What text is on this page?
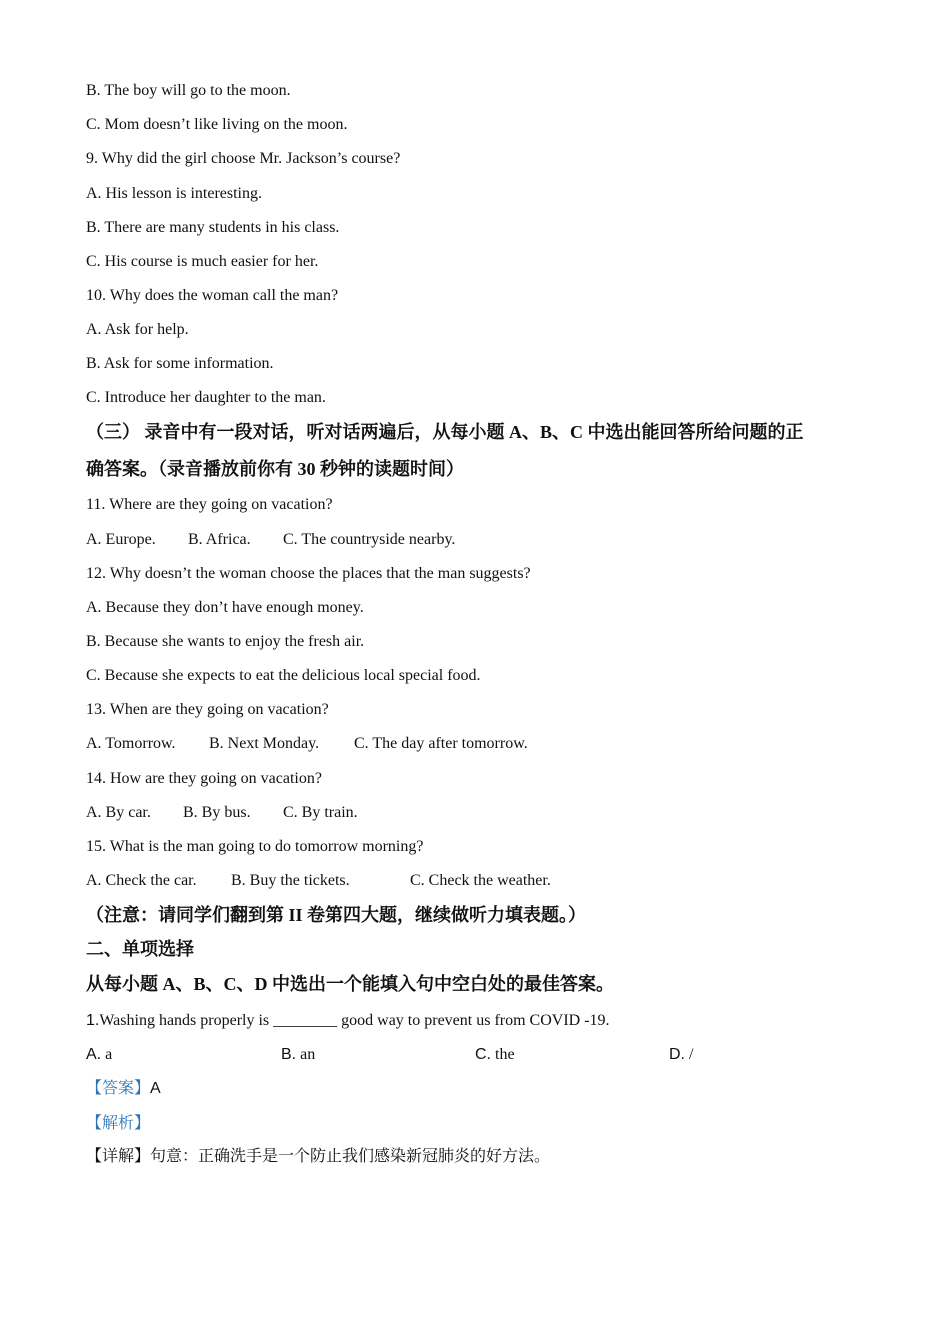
B. The boy will go to the moon.
C. Mom doesn’t like living on the moon.
9. Why did the girl choose Mr. Jackson’s course?
A. His lesson is interesting.
B. There are many students in his class.
C. His course is much easier for her.
10. Why does the woman call the man?
A. Ask for help.
B. Ask for some information.
C. Introduce her daughter to the man.
（三） 录音中有一段对话，听对话两遍后，从每小题 A、B、C 中选出能回答所给问题的正
确答案。（录音播放前你有 30 秒钟的读题时间）
11. Where are they going on vacation?
A. Europe. B. Africa. C. The countryside nearby.
12. Why doesn’t the woman choose the places that the man suggests?
A. Because they don’t have enough money.
B. Because she wants to enjoy the fresh air.
C. Because she expects to eat the delicious local special food.
13. When are they going on vacation?
A. Tomorrow. B. Next Monday. C. The day after tomorrow.
14. How are they going on vacation?
A. By car. B. By bus. C. By train.
15. What is the man going to do tomorrow morning?
A. Check the car. B. Buy the tickets.	C. Check the weather.
（注意：请同学们翻到第 II 卷第四大题，继续做听力填表题。）
二、单项选择
从每小题 A、B、C、D 中选出一个能填入句中空白处的最佳答案。
1.Washing hands properly is ________ good way to prevent us from COVID -19.
A. a	B. an	C. the	D. /
【答案】A
【解析】
【详解】句意：正确洗手是一个防止我们感染新冠肺炎的好方法。
